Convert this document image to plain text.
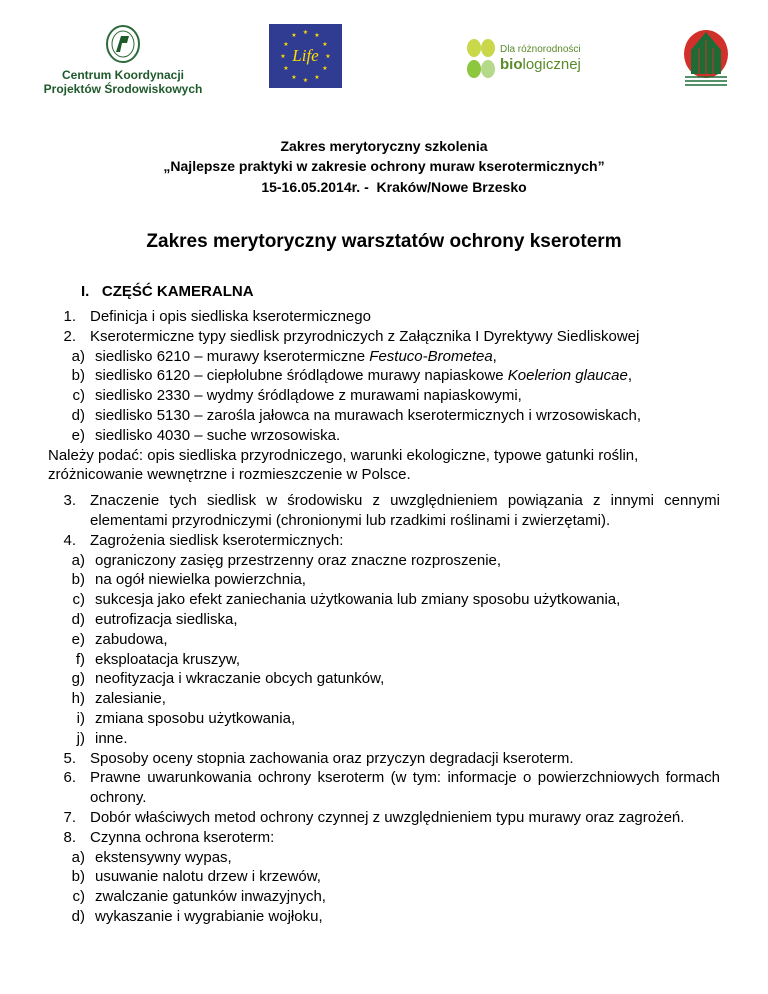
Centrum Koordynacji
Projektów Środowiskowych
★ ★
★
★
★
★
★
★
★
★
★
★
Life	Dla różnorodności
biologicznej
Zakres merytoryczny szkolenia
„Najlepsze praktyki w zakresie ochrony muraw kserotermicznych”
15-16.05.2014r. -  Kraków/Nowe Brzesko
Zakres merytoryczny warsztatów ochrony kseroterm
I. CZĘŚĆ KAMERALNA
1. Definicja i opis siedliska kserotermicznego
2. Kserotermiczne typy siedlisk przyrodniczych z Załącznika I Dyrektywy Siedliskowej
a) siedlisko 6210 – murawy kserotermiczne Festuco-Brometea,
b) siedlisko 6120 – ciepłolubne śródlądowe murawy napiaskowe Koelerion glaucae,
c) siedlisko 2330 – wydmy śródlądowe z murawami napiaskowymi,
d) siedlisko 5130 – zarośla jałowca na murawach kserotermicznych i wrzosowiskach,
e) siedlisko 4030 – suche wrzosowiska.
Należy podać: opis siedliska przyrodniczego, warunki ekologiczne, typowe gatunki roślin, zróżnicowanie wewnętrzne i rozmieszczenie w Polsce.
3. Znaczenie tych siedlisk w środowisku z uwzględnieniem powiązania z innymi cennymi elementami przyrodniczymi (chronionymi lub rzadkimi roślinami i zwierzętami).
4. Zagrożenia siedlisk kserotermicznych:
a) ograniczony zasięg przestrzenny oraz znaczne rozproszenie,
b) na ogół niewielka powierzchnia,
c) sukcesja jako efekt zaniechania użytkowania lub zmiany sposobu użytkowania,
d) eutrofizacja siedliska,
e) zabudowa,
f) eksploatacja kruszyw,
g) neofityzacja i wkraczanie obcych gatunków,
h) zalesianie,
i) zmiana sposobu użytkowania,
j) inne.
5. Sposoby oceny stopnia zachowania oraz przyczyn degradacji kseroterm.
6. Prawne uwarunkowania ochrony kseroterm (w tym: informacje o powierzchniowych formach ochrony.
7. Dobór właściwych metod ochrony czynnej z uwzględnieniem typu murawy oraz zagrożeń.
8. Czynna ochrona kseroterm:
a) ekstensywny wypas,
b) usuwanie nalotu drzew i krzewów,
c) zwalczanie gatunków inwazyjnych,
d) wykaszanie i wygrabianie wojłoku,
